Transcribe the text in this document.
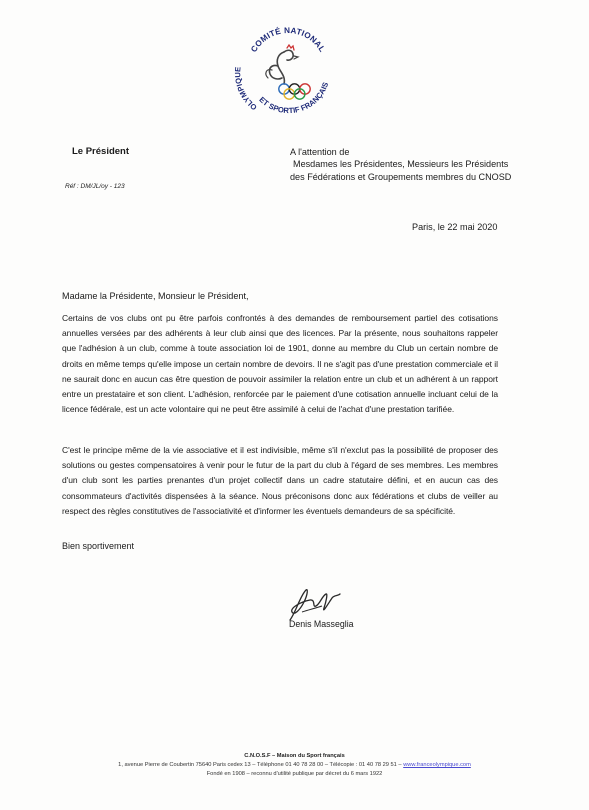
COMITÉ NATIONAL
OLYMPIQUE
ET SPORTIF FRANÇAIS
Le Président
Réf : DM/JL/oy - 123
A l'attention de
Mesdames les Présidentes, Messieurs les Présidents
des Fédérations et Groupements membres du CNOSD
Paris, le 22 mai 2020
Madame la Présidente, Monsieur le Président,
Certains de vos clubs ont pu être parfois confrontés à des demandes de remboursement partiel des cotisations annuelles versées par des adhérents à leur club ainsi que des licences. Par la présente, nous souhaitons rappeler que l'adhésion à un club, comme à toute association loi de 1901, donne au membre du Club un certain nombre de droits en même temps qu'elle impose un certain nombre de devoirs. Il ne s'agit pas d'une prestation commerciale et il ne saurait donc en aucun cas être question de pouvoir assimiler la relation entre un club et un adhérent à un rapport entre un prestataire et son client. L'adhésion, renforcée par le paiement d'une cotisation annuelle incluant celui de la licence fédérale, est un acte volontaire qui ne peut être assimilé à celui de l'achat d'une prestation tarifiée.
C'est le principe même de la vie associative et il est indivisible, même s'il n'exclut pas la possibilité de proposer des solutions ou gestes compensatoires à venir pour le futur de la part du club à l'égard de ses membres. Les membres d'un club sont les parties prenantes d'un projet collectif dans un cadre statutaire défini, et en aucun cas des consommateurs d'activités dispensées à la séance. Nous préconisons donc aux fédérations et clubs de veiller au respect des règles constitutives de l'associativité et d'informer les éventuels demandeurs de sa spécificité.
Bien sportivement
Denis Masseglia
C.N.O.S.F – Maison du Sport français
1, avenue Pierre de Coubertin 75640 Paris cedex 13 – Téléphone 01 40 78 28 00 – Télécopie : 01 40 78 29 51 – www.franceolympique.com
Fondé en 1908 – reconnu d'utilité publique par décret du 6 mars 1922
